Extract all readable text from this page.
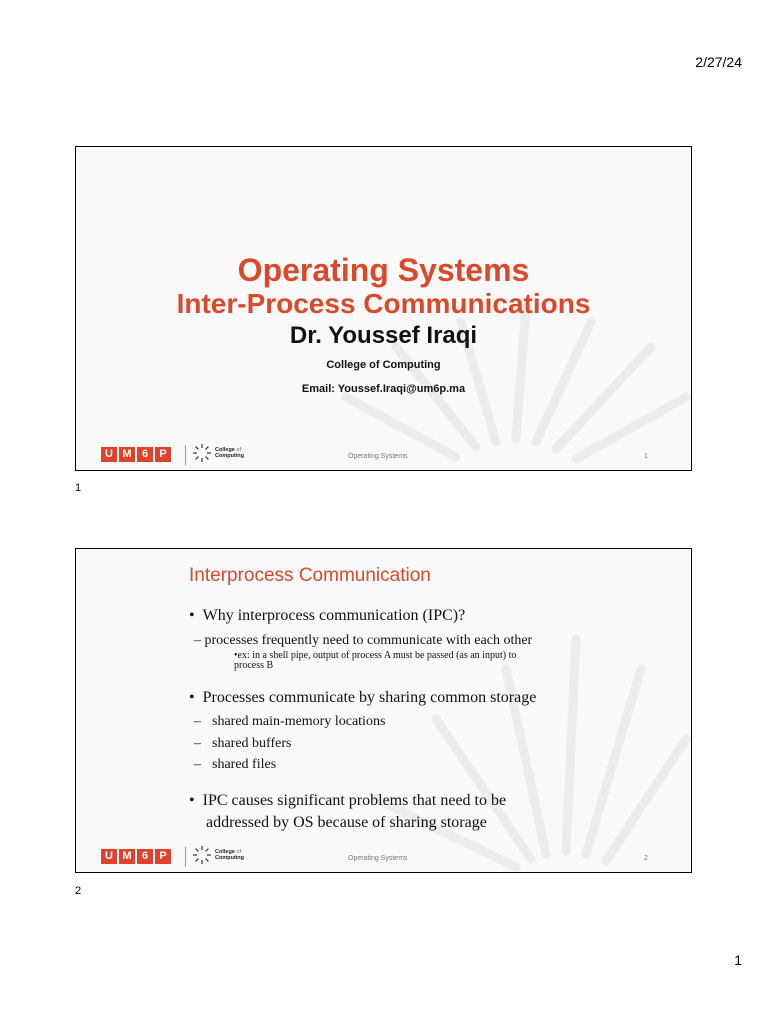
2/27/24
Operating Systems
Inter-Process Communications
Dr. Youssef Iraqi
College of Computing
Email: Youssef.Iraqi@um6p.ma
U M 6	P	College of
Computing	Operating Systems	1
1
Interprocess Communication
•  Why interprocess communication (IPC)?
– processes frequently need to communicate with each other
•ex: in a shell pipe, output of process A must be passed (as an input) to
process B
•  Processes communicate by sharing common storage
– shared main-memory locations
– shared buffers
– shared files
•  IPC causes significant problems that need to be
addressed by OS because of sharing storage
U M 6	P	College of
Computing	Operating Systems	2
2
1
